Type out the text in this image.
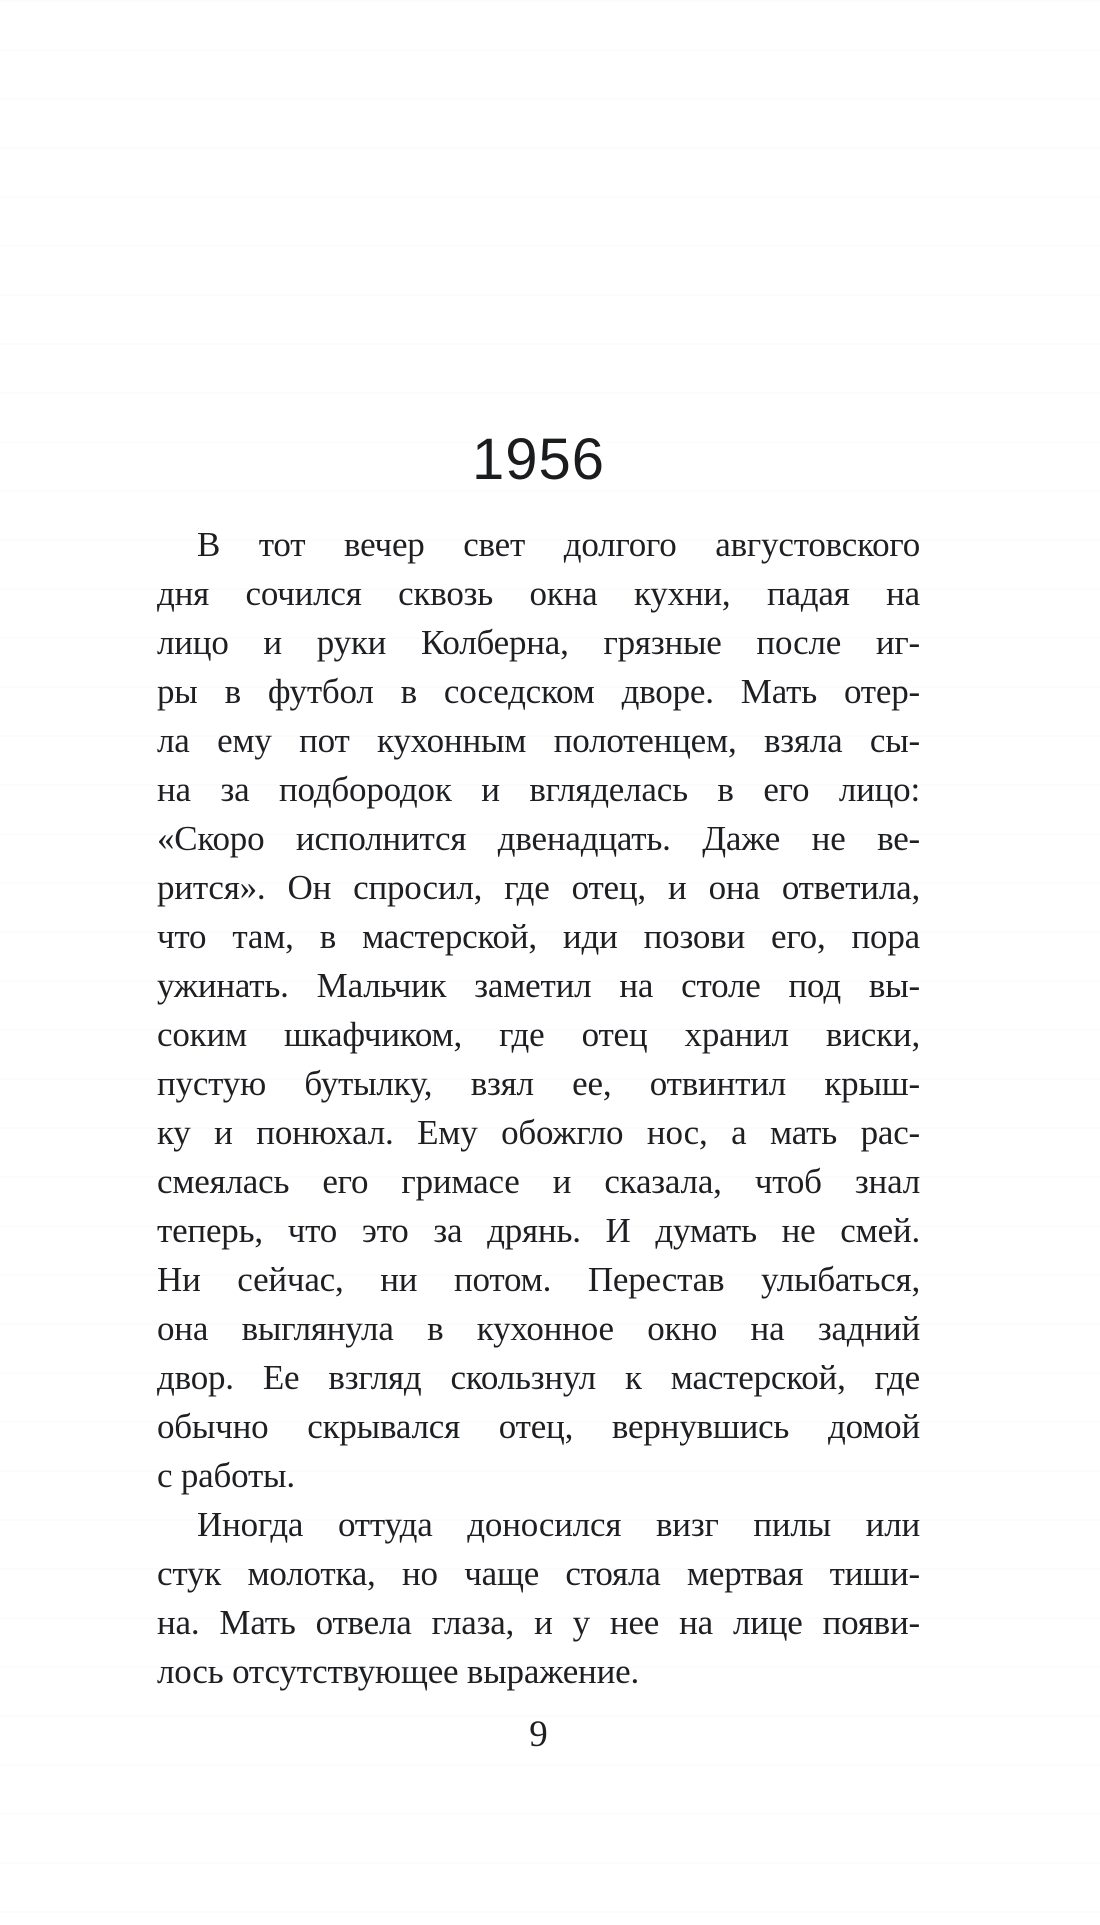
1956
В тот вечер свет долгого августовского
дня сочился сквозь окна кухни, падая на
лицо и руки Колберна, грязные после иг-
ры в футбол в соседском дворе. Мать отер-
ла ему пот кухонным полотенцем, взяла сы-
на за подбородок и вгляделась в его лицо:
«Скоро исполнится двенадцать. Даже не ве-
рится». Он спросил, где отец, и она ответила,
что там, в мастерской, иди позови его, пора
ужинать. Мальчик заметил на столе под вы-
соким шкафчиком, где отец хранил виски,
пустую бутылку, взял ее, отвинтил крыш-
ку и понюхал. Ему обожгло нос, а мать рас-
смеялась его гримасе и сказала, чтоб знал
теперь, что это за дрянь. И думать не смей.
Ни сейчас, ни потом. Перестав улыбаться,
она выглянула в кухонное окно на задний
двор. Ее взгляд скользнул к мастерской, где
обычно скрывался отец, вернувшись домой
с работы.
Иногда оттуда доносился визг пилы или
стук молотка, но чаще стояла мертвая тиши-
на. Мать отвела глаза, и у нее на лице появи-
лось отсутствующее выражение.
9
